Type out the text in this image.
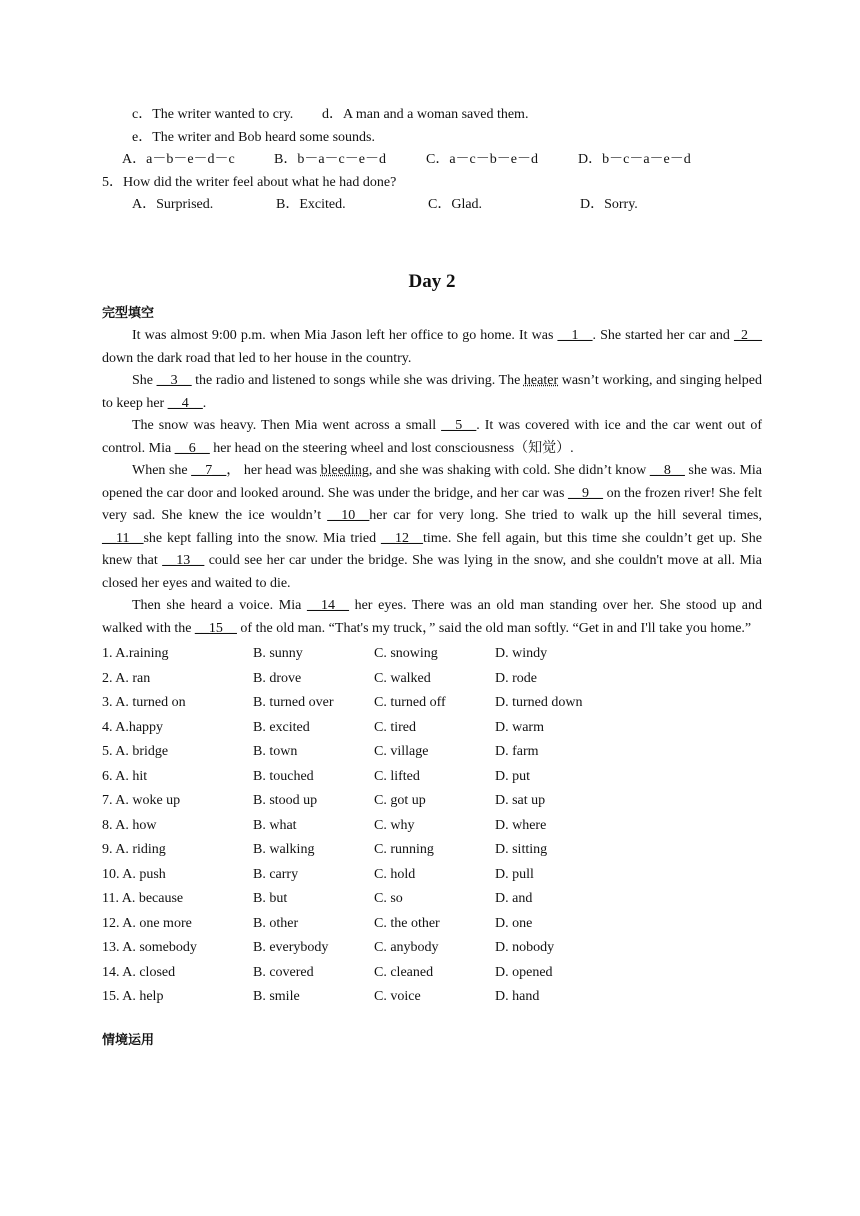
c．The writer wanted to cry. d．A man and a woman saved them.
e．The writer and Bob heard some sounds.
A．a－b－e－d－c	B．b－a－c－e－d	C．a－c－b－e－d	D．b－c－a－e－d
5．How did the writer feel about what he had done?
A．Surprised.	B．Excited.	C．Glad.	D．Sorry.
Day 2
完型填空

It was almost 9:00 p.m. when Mia Jason left her office to go home. It was __1__. She started her car and _2__ down the dark road that led to her house in the country.

She __3__ the radio and listened to songs while she was driving. The heater wasn’t working, and singing helped to keep her __4__.

The snow was heavy. Then Mia went across a small __5__. It was covered with ice and the car went out of control. Mia __6__ her head on the steering wheel and lost consciousness（知觉）.

When she __7__， her head was bleeding, and she was shaking with cold. She didn’t know __8__ she was. Mia opened the car door and looked around. She was under the bridge, and her car was __9__ on the frozen river! She felt very sad. She knew the ice wouldn’t __10__her car for very long. She tried to walk up the hill several times, __11__she kept falling into the snow. Mia tried __12__time. She fell again, but this time she couldn’t get up. She knew that __13__ could see her car under the bridge. She was lying in the snow, and she couldn't move at all. Mia closed her eyes and waited to die.

Then she heard a voice. Mia __14__ her eyes. There was an old man standing over her. She stood up and walked with the __15__ of the old man. “That's my truck，” said the old man softly. “Get in and I'll take you home.”

1. A.raining	B. sunny	C. snowing	D. windy
2. A. ran	B. drove	C. walked	D. rode
3. A. turned on	B. turned over	C. turned off	D. turned down
4. A.happy	B. excited	C. tired	D. warm
5. A. bridge	B. town	C. village	D. farm
6. A. hit	B. touched	C. lifted	D. put
7. A. woke up	B. stood up	C. got up	D. sat up
8. A. how	B. what	C. why	D. where
9. A. riding	B. walking	C. running	D. sitting
10. A. push	B. carry	C. hold	D. pull
11. A. because	B. but	C. so	D. and
12. A. one more	B. other	C. the other	D. one
13. A. somebody	B. everybody	C. anybody	D. nobody
14. A. closed	B. covered	C. cleaned	D. opened
15. A. help	B. smile	C. voice	D. hand
情境运用
